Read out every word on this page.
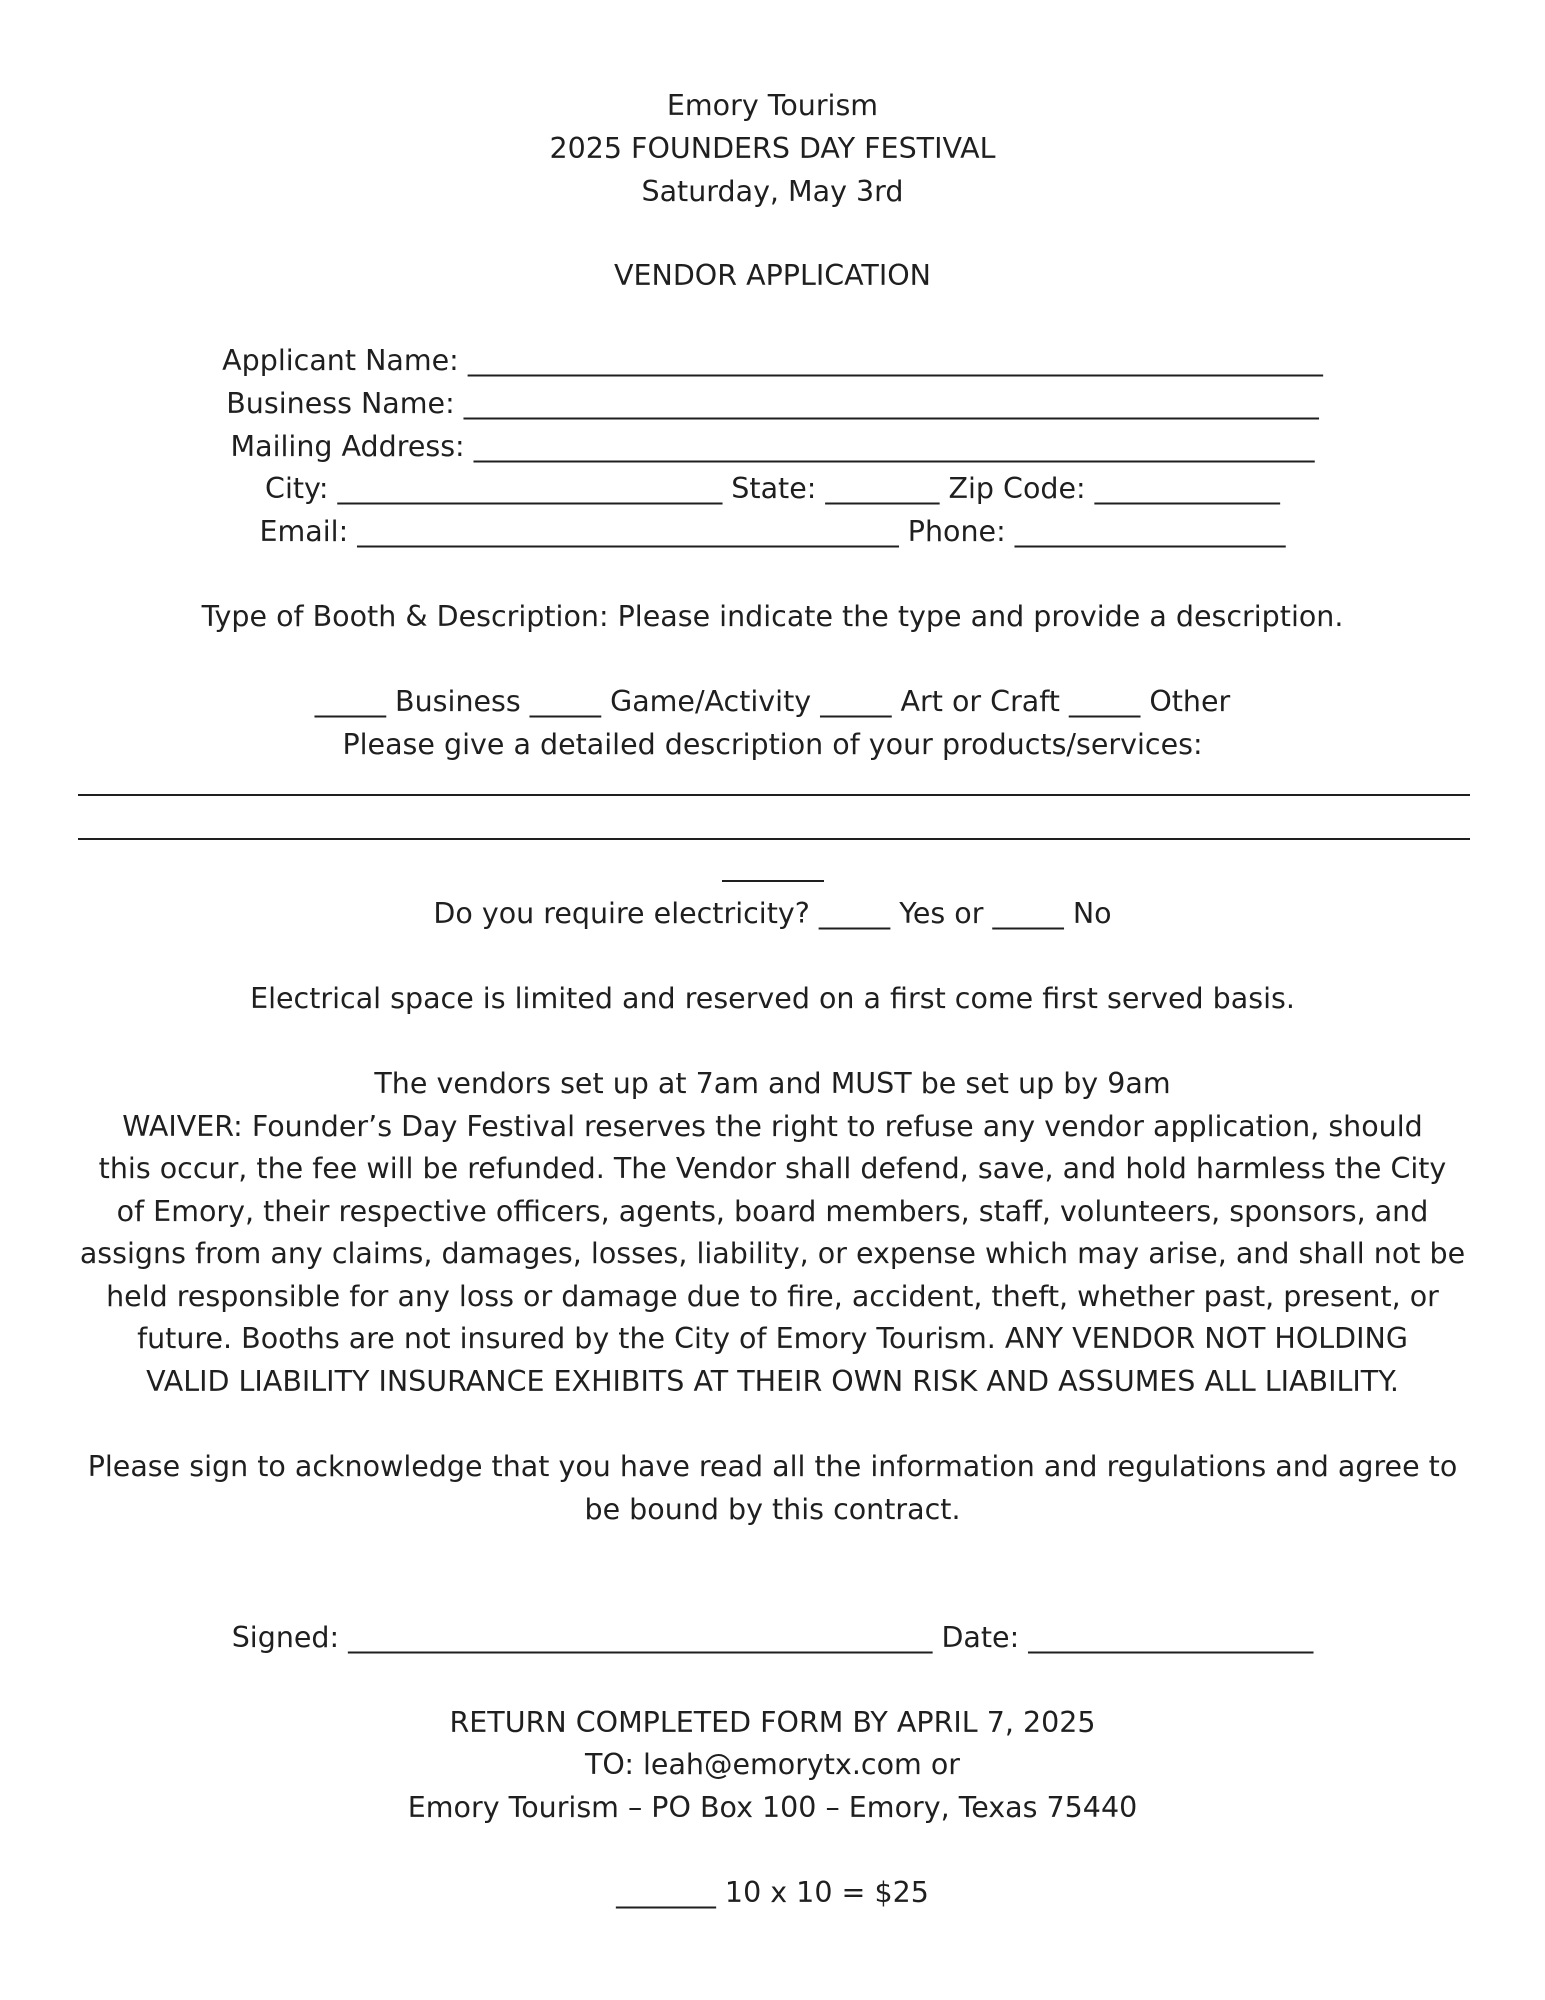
Emory Tourism
2025 FOUNDERS DAY FESTIVAL
Saturday, May 3rd
VENDOR APPLICATION
Applicant Name: ____________________________________________________________
Business Name: ____________________________________________________________
Mailing Address: ___________________________________________________________
City: ___________________________ State: ________ Zip Code: _____________
Email: ______________________________________ Phone: ___________________
Type of Booth & Description: Please indicate the type and provide a description.
_____ Business _____ Game/Activity _____ Art or Craft _____ Other
Please give a detailed description of your products/services:
Do you require electricity? _____ Yes or _____ No
Electrical space is limited and reserved on a first come first served basis.
The vendors set up at 7am and MUST be set up by 9am
WAIVER: Founder’s Day Festival reserves the right to refuse any vendor application, should
this occur, the fee will be refunded. The Vendor shall defend, save, and hold harmless the City
of Emory, their respective officers, agents, board members, staff, volunteers, sponsors, and
assigns from any claims, damages, losses, liability, or expense which may arise, and shall not be
held responsible for any loss or damage due to fire, accident, theft, whether past, present, or
future. Booths are not insured by the City of Emory Tourism. ANY VENDOR NOT HOLDING
VALID LIABILITY INSURANCE EXHIBITS AT THEIR OWN RISK AND ASSUMES ALL LIABILITY.
Please sign to acknowledge that you have read all the information and regulations and agree to
be bound by this contract.
Signed: _________________________________________ Date: ____________________
RETURN COMPLETED FORM BY APRIL 7, 2025
TO: leah@emorytx.com or
Emory Tourism – PO Box 100 – Emory, Texas 75440
_______ 10 x 10 = $25
